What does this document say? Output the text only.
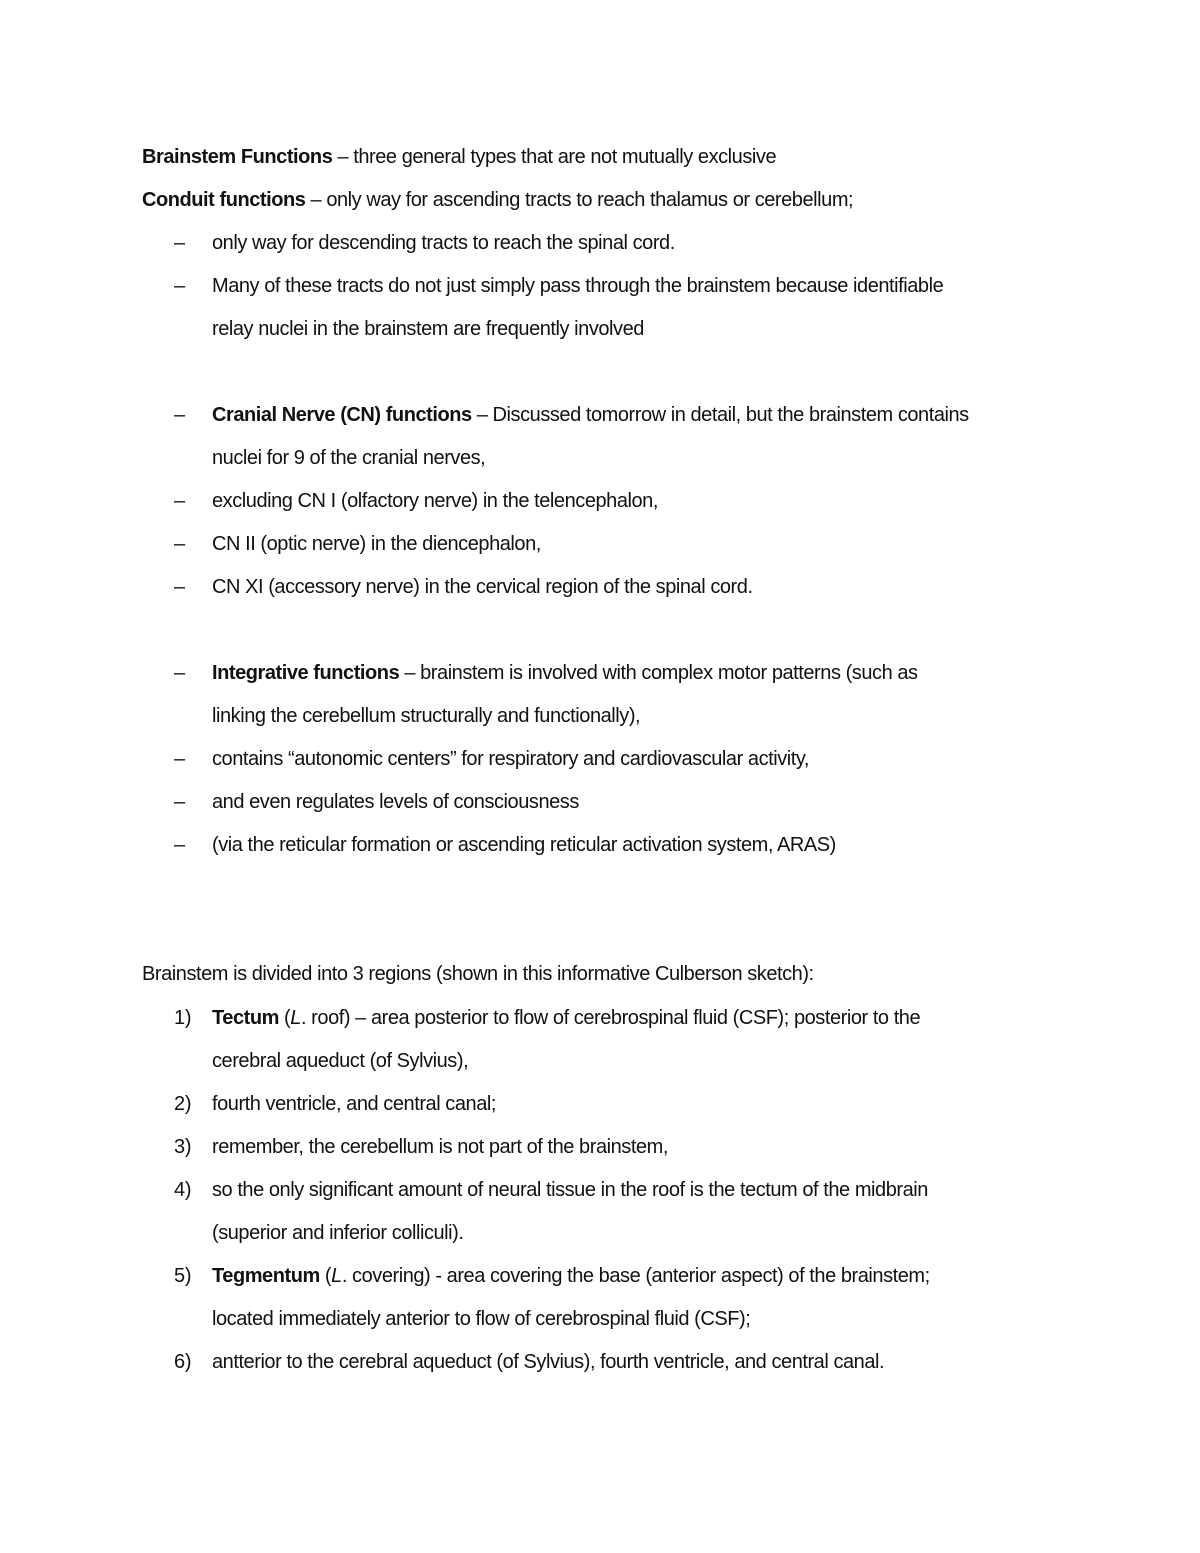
Brainstem Functions – three general types that are not mutually exclusive
Conduit functions – only way for ascending tracts to reach thalamus or cerebellum;
– only way for descending tracts to reach the spinal cord.
– Many of these tracts do not just simply pass through the brainstem because identifiable
relay nuclei in the brainstem are frequently involved
– Cranial Nerve (CN) functions – Discussed tomorrow in detail, but the brainstem contains
nuclei for 9 of the cranial nerves,
– excluding CN I (olfactory nerve) in the telencephalon,
– CN II (optic nerve) in the diencephalon,
– CN XI (accessory nerve) in the cervical region of the spinal cord.
– Integrative functions – brainstem is involved with complex motor patterns (such as
linking the cerebellum structurally and functionally),
– contains “autonomic centers” for respiratory and cardiovascular activity,
– and even regulates levels of consciousness
– (via the reticular formation or ascending reticular activation system, ARAS)
Brainstem is divided into 3 regions (shown in this informative Culberson sketch):
1) Tectum (L. roof) – area posterior to flow of cerebrospinal fluid (CSF); posterior to the
cerebral aqueduct (of Sylvius),
2) fourth ventricle, and central canal;
3) remember, the cerebellum is not part of the brainstem,
4) so the only significant amount of neural tissue in the roof is the tectum of the midbrain
(superior and inferior colliculi).
5) Tegmentum (L. covering) - area covering the base (anterior aspect) of the brainstem;
located immediately anterior to flow of cerebrospinal fluid (CSF);
6) antterior to the cerebral aqueduct (of Sylvius), fourth ventricle, and central canal.
